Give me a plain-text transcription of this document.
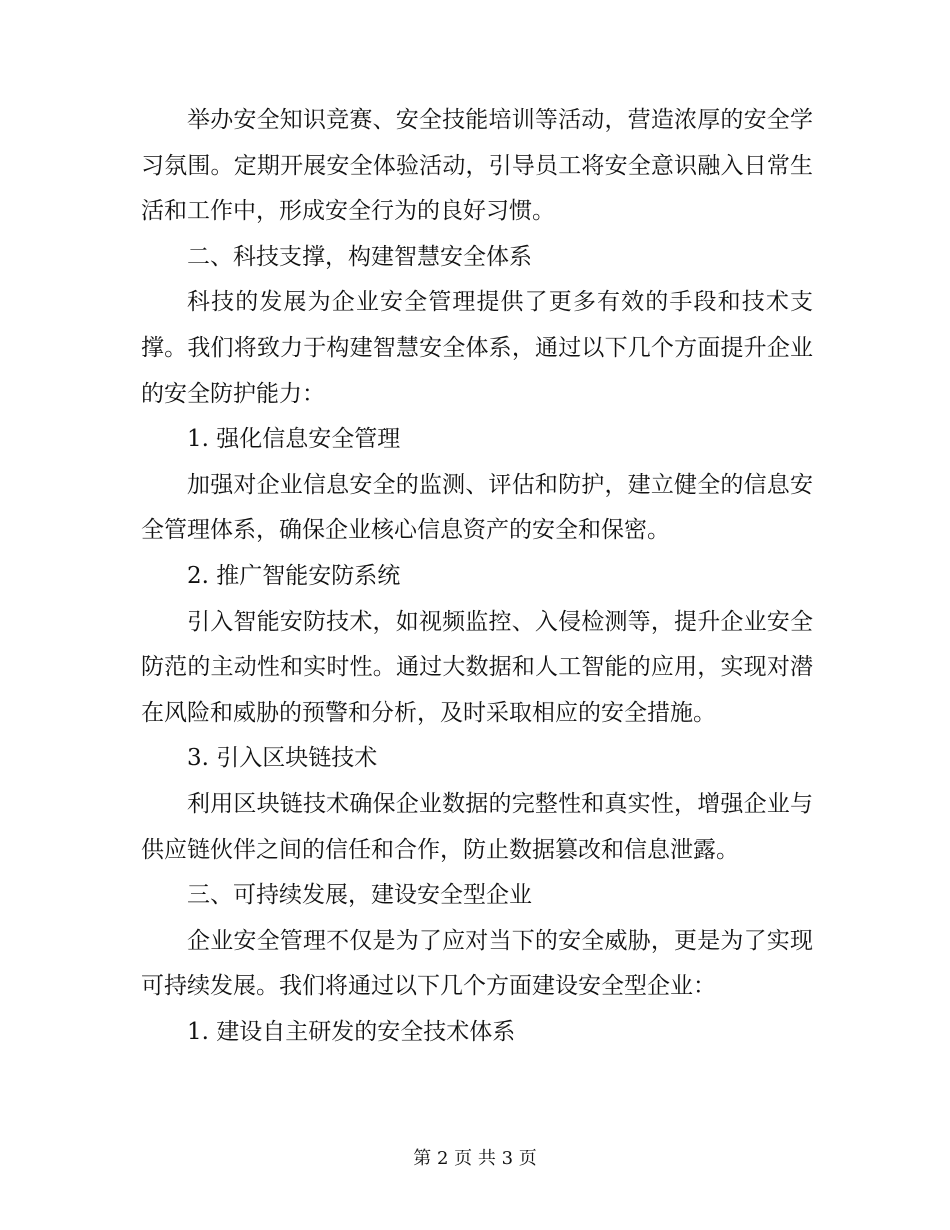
举办安全知识竞赛、安全技能培训等活动，营造浓厚的安全学习氛围。定期开展安全体验活动，引导员工将安全意识融入日常生活和工作中，形成安全行为的良好习惯。

二、科技支撑，构建智慧安全体系

科技的发展为企业安全管理提供了更多有效的手段和技术支撑。我们将致力于构建智慧安全体系，通过以下几个方面提升企业的安全防护能力：

1. 强化信息安全管理

加强对企业信息安全的监测、评估和防护，建立健全的信息安全管理体系，确保企业核心信息资产的安全和保密。

2. 推广智能安防系统

引入智能安防技术，如视频监控、入侵检测等，提升企业安全防范的主动性和实时性。通过大数据和人工智能的应用，实现对潜在风险和威胁的预警和分析，及时采取相应的安全措施。

3. 引入区块链技术

利用区块链技术确保企业数据的完整性和真实性，增强企业与供应链伙伴之间的信任和合作，防止数据篡改和信息泄露。

三、可持续发展，建设安全型企业

企业安全管理不仅是为了应对当下的安全威胁，更是为了实现可持续发展。我们将通过以下几个方面建设安全型企业：

1. 建设自主研发的安全技术体系

第 2 页 共 3 页
